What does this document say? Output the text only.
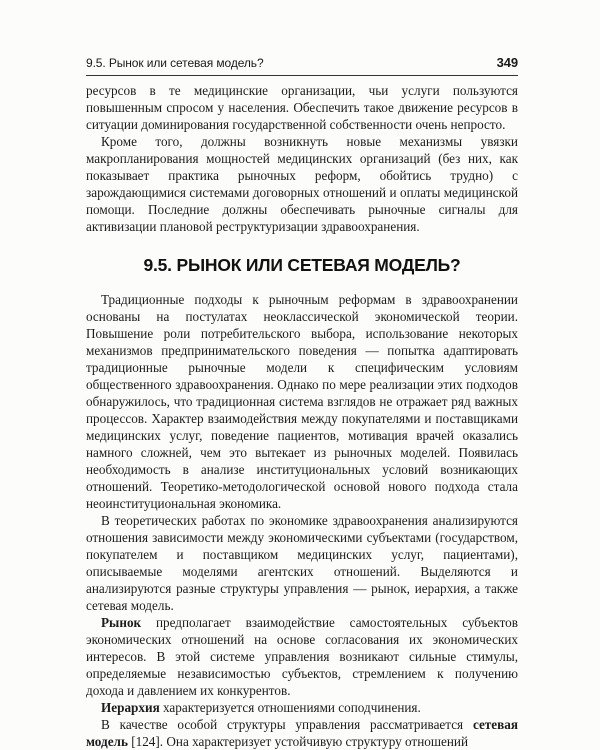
9.5. Рынок или сетевая модель?	349

ресурсов в те медицинские организации, чьи услуги пользуются повышенным спросом у населения. Обеспечить такое движение ресурсов в ситуации доминирования государственной собственности очень непросто.

Кроме того, должны возникнуть новые механизмы увязки макропланирования мощностей медицинских организаций (без них, как показывает практика рыночных реформ, обойтись трудно) с зарождающимися системами договорных отношений и оплаты медицинской помощи. Последние должны обеспечивать рыночные сигналы для активизации плановой реструктуризации здравоохранения.

9.5. РЫНОК ИЛИ СЕТЕВАЯ МОДЕЛЬ?

Традиционные подходы к рыночным реформам в здравоохранении основаны на постулатах неоклассической экономической теории. Повышение роли потребительского выбора, использование некоторых механизмов предпринимательского поведения — попытка адаптировать традиционные рыночные модели к специфическим условиям общественного здравоохранения. Однако по мере реализации этих подходов обнаружилось, что традиционная система взглядов не отражает ряд важных процессов. Характер взаимодействия между покупателями и поставщиками медицинских услуг, поведение пациентов, мотивация врачей оказались намного сложней, чем это вытекает из рыночных моделей. Появилась необходимость в анализе институциональных условий возникающих отношений. Теоретико-методологической основой нового подхода стала неоинституциональная экономика.

В теоретических работах по экономике здравоохранения анализируются отношения зависимости между экономическими субъектами (государством, покупателем и поставщиком медицинских услуг, пациентами), описываемые моделями агентских отношений. Выделяются и анализируются разные структуры управления — рынок, иерархия, а также сетевая модель.

Рынок предполагает взаимодействие самостоятельных субъектов экономических отношений на основе согласования их экономических интересов. В этой системе управления возникают сильные стимулы, определяемые независимостью субъектов, стремлением к получению дохода и давлением их конкурентов.

Иерархия характеризуется отношениями соподчинения.

В качестве особой структуры управления рассматривается сетевая модель [124]. Она характеризует устойчивую структуру отношений
